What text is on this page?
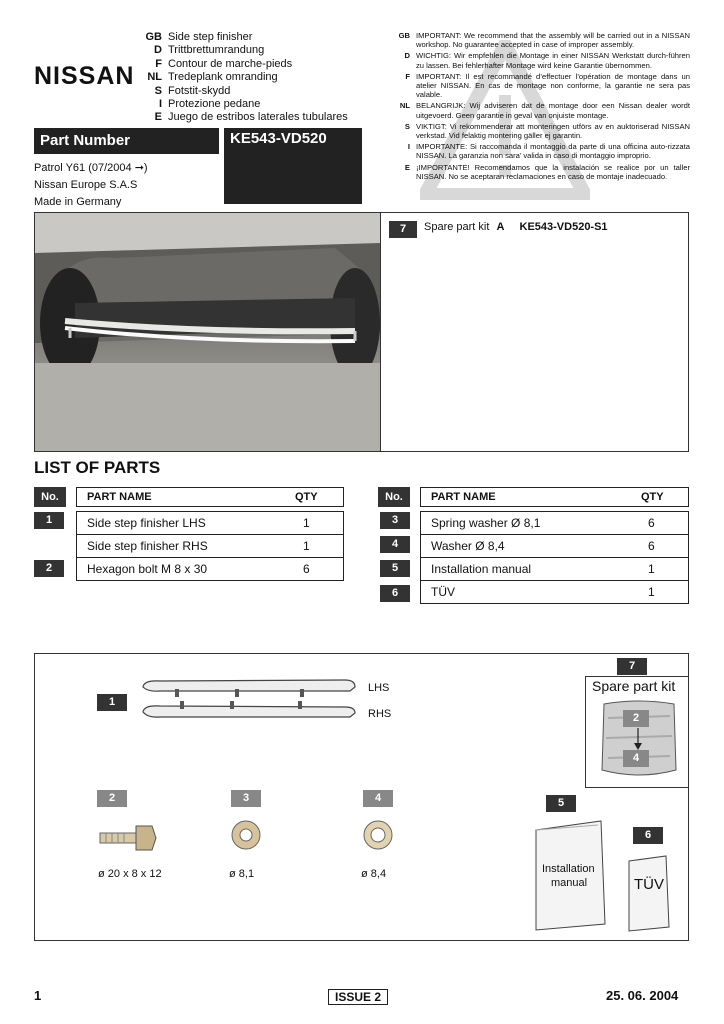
NISSAN
GB Side step finisher
D Trittbrettumrandung
F Contour de marche-pieds
NL Tredeplank omranding
S Fotstit-skydd
I Protezione pedane
E Juego de estribos laterales tubulares
GB IMPORTANT: We recommend that the assembly will be carried out in a NISSAN workshop. No guarantee accepted in case of improper assembly.
D WICHTIG: Wir empfehlen die Montage in einer NISSAN Werkstatt durch-führen zu lassen. Bei fehlerhafter Montage wird keine Garantie übernommen.
F IMPORTANT: Il est recommandé d’effectuer l’opération de montage dans un atelier NISSAN. En cas de montage non conforme, la garantie ne sera pas valable.
NL BELANGRIJK: Wij adviseren dat de montage door een Nissan dealer wordt uitgevoerd. Geen garantie in geval van onjuiste montage.
S VIKTIGT: Vi rekommenderar att monteringen utförs av en auktoriserad NISSAN verkstad. Vid felaktig montering gäller ej garantin.
I IMPORTANTE: Si raccomanda il montaggio da parte di una officina auto-rizzata NISSAN. La garanzia non sara’ valida in caso di montaggio improprio.
E ¡IMPORTANTE! Recomendamos que la instalación se realice por un taller NISSAN. No se aceptaran reclamaciones en caso de montaje inadecuado.
Part Number	KE543-VD520
Patrol Y61 (07/2004 ➞)
Nissan Europe S.A.S
Made in Germany
7	Spare part kit A KE543-VD520-S1
LIST OF PARTS
No.	PART NAME	QTY
1	Side step finisher LHS	1
Side step finisher RHS	1
2	Hexagon bolt M 8 x 30	6
No.	PART NAME	QTY
3	Spring washer Ø 8,1	6
4	Washer Ø 8,4	6
5	Installation manual	1
6	TÜV	1
1
LHS
RHS
2	3	4
ø 20 x 8 x 12	ø 8,1	ø 8,4
7
Spare part kit
2
4
5
Installation
manual
6
TÜV
1	ISSUE 2	25. 06. 2004
